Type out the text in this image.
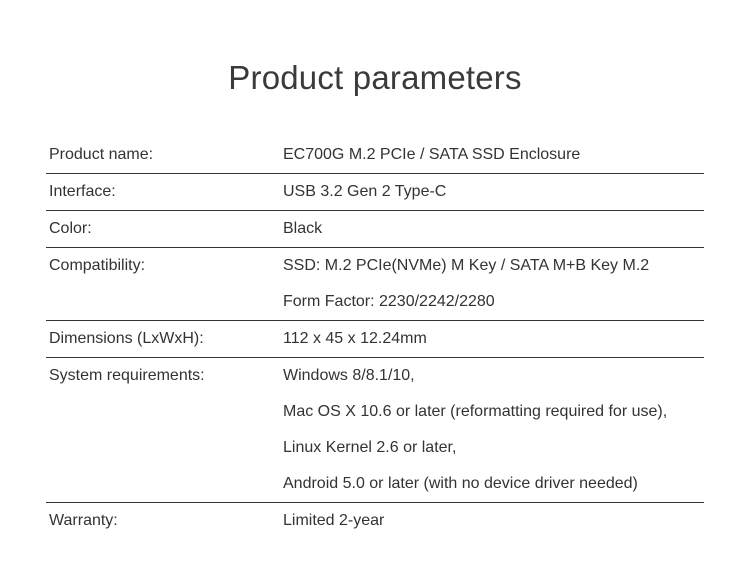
Product parameters
Product name:	EC700G M.2 PCIe / SATA SSD Enclosure
Interface:	USB 3.2 Gen 2 Type-C
Color:	Black
Compatibility:	SSD: M.2 PCIe(NVMe) M Key / SATA M+B Key M.2
Form Factor: 2230/2242/2280
Dimensions (LxWxH):	112 x 45 x 12.24mm
System requirements:	Windows 8/8.1/10,
Mac OS X 10.6 or later (reformatting required for use),
Linux Kernel 2.6 or later,
Android 5.0 or later (with no device driver needed)
Warranty:	Limited 2-year
